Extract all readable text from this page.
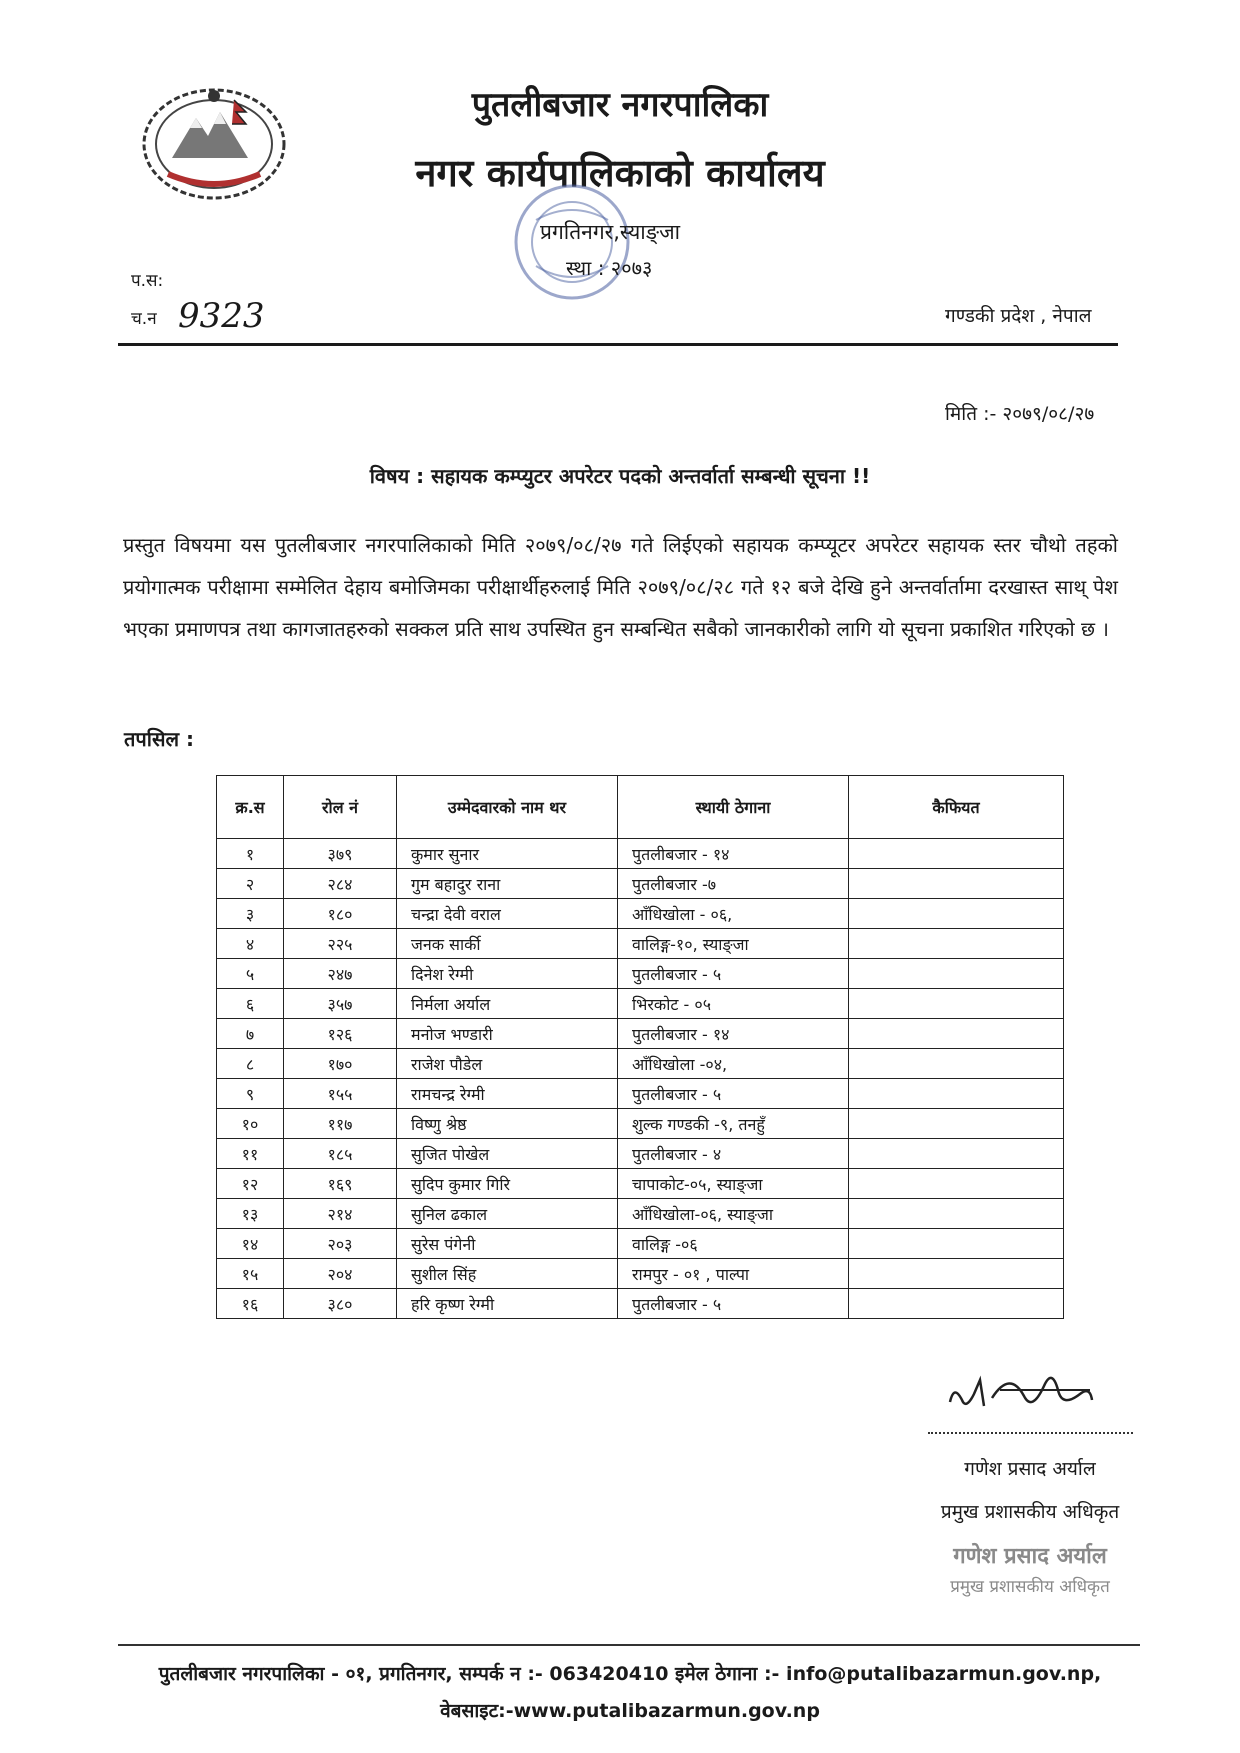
पुतलीबजार नगरपालिका
नगर कार्यपालिकाको कार्यालय
प्रगतिनगर,स्याङ्जा
स्था : २०७३
प.स:
च.न 9323	गण्डकी प्रदेश , नेपाल
मिति :- २०७९/०८/२७
विषय : सहायक कम्प्युटर अपरेटर पदको अन्तर्वार्ता सम्बन्धी सूचना !!
प्रस्तुत विषयमा यस पुतलीबजार नगरपालिकाको मिति २०७९/०८/२७ गते लिईएको सहायक कम्प्यूटर अपरेटर सहायक स्तर चौथो तहको प्रयोगात्मक परीक्षामा सम्मेलित देहाय बमोजिमका परीक्षार्थीहरुलाई मिति २०७९/०८/२८ गते १२ बजे देखि हुने अन्तर्वार्तामा दरखास्त साथ् पेश भएका प्रमाणपत्र तथा कागजातहरुको सक्कल प्रति साथ उपस्थित हुन सम्बन्धित सबैको जानकारीको लागि यो सूचना प्रकाशित गरिएको छ ।
तपसिल :
क्र.स	रोल नं	उम्मेदवारको नाम थर	स्थायी ठेगाना	कैफियत
१	३७९	कुमार सुनार	पुतलीबजार - १४	
२	२८४	गुम बहादुर राना	पुतलीबजार -७	
३	१८०	चन्द्रा देवी वराल	आँधिखोला - ०६,	
४	२२५	जनक सार्की	वालिङ्ग-१०, स्याङ्जा	
५	२४७	दिनेश रेग्मी	पुतलीबजार - ५	
६	३५७	निर्मला अर्याल	भिरकोट - ०५	
७	१२६	मनोज भण्डारी	पुतलीबजार - १४	
८	१७०	राजेश पौडेल	आँधिखोला -०४,	
९	१५५	रामचन्द्र रेग्मी	पुतलीबजार - ५	
१०	११७	विष्णु श्रेष्ठ	शुल्क गण्डकी -९, तनहुँ	
११	१८५	सुजित पोखेल	पुतलीबजार - ४	
१२	१६९	सुदिप कुमार गिरि	चापाकोट-०५, स्याङ्जा	
१३	२१४	सुनिल ढकाल	आँधिखोला-०६, स्याङ्जा	
१४	२०३	सुरेस पंगेनी	वालिङ्ग -०६	
१५	२०४	सुशील सिंह	रामपुर - ०१ , पाल्पा	
१६	३८०	हरि कृष्ण रेग्मी	पुतलीबजार - ५	
गणेश प्रसाद अर्याल
प्रमुख प्रशासकीय अधिकृत
गणेश प्रसाद अर्याल
प्रमुख प्रशासकीय अधिकृत
पुतलीबजार नगरपालिका - ०१, प्रगतिनगर, सम्पर्क न :- 063420410 इमेल ठेगाना :- info@putalibazarmun.gov.np,
वेबसाइट:-www.putalibazarmun.gov.np
